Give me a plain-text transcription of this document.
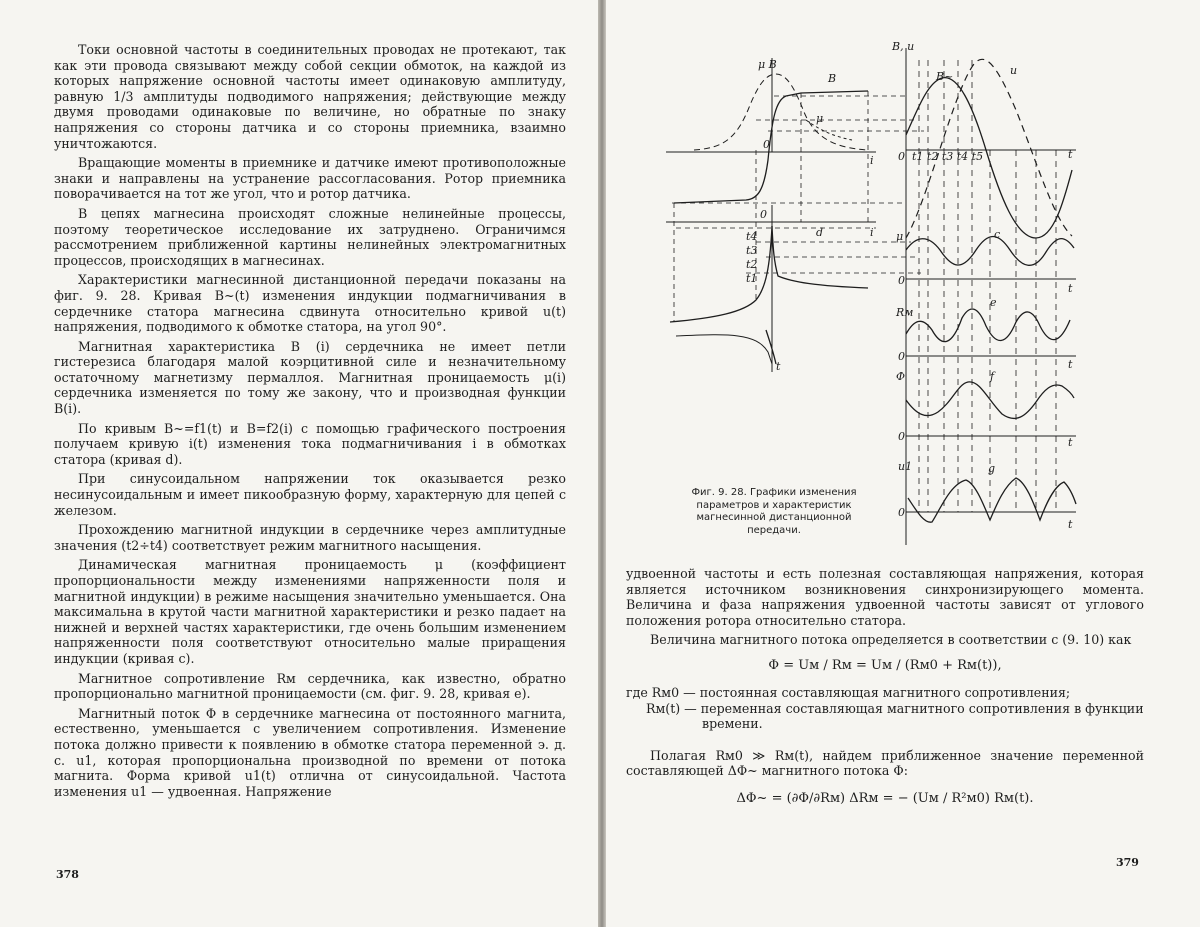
Токи основной частоты в соединительных проводах не протекают, так как эти провода связывают между собой секции обмоток, на каждой из которых напряжение основной частоты имеет одинаковую амплитуду, равную 1/3 амплитуды подводимого напряжения; действующие между двумя проводами одинаковые по величине, но обратные по знаку напряжения со стороны датчика и со стороны приемника, взаимно уничтожаются.

Вращающие моменты в приемнике и датчике имеют противоположные знаки и направлены на устранение рассогласования. Ротор приемника поворачивается на тот же угол, что и ротор датчика.

В цепях магнесина происходят сложные нелинейные процессы, поэтому теоретическое исследование их затруднено. Ограничимся рассмотрением приближенной картины нелинейных электромагнитных процессов, происходящих в магнесинах.

Характеристики магнесинной дистанционной передачи показаны на фиг. 9. 28. Кривая B~(t) изменения индукции подмагничивания в сердечнике статора магнесина сдвинута относительно кривой u(t) напряжения, подводимого к обмотке статора, на угол 90°.

Магнитная характеристика B (i) сердечника не имеет петли гистерезиса благодаря малой коэрцитивной силе и незначительному остаточному магнетизму пермаллоя. Магнитная проницаемость μ(i) сердечника изменяется по тому же закону, что и производная функции B(i).

По кривым B~=f1(t) и B=f2(i) с помощью графического построения получаем кривую i(t) изменения тока подмагничивания i в обмотках статора (кривая d).

При синусоидальном напряжении ток оказывается резко несинусоидальным и имеет пикообразную форму, характерную для цепей с железом.

Прохождению магнитной индукции в сердечнике через амплитудные значения (t2÷t4) соответствует режим магнитного насыщения.

Динамическая магнитная проницаемость μ (коэффициент пропорциональности между изменениями напряженности поля и магнитной индукции) в режиме насыщения значительно уменьшается. Она максимальна в крутой части магнитной характеристики и резко падает на нижней и верхней частях характеристики, где очень большим изменением напряженности поля соответствуют относительно малые приращения индукции (кривая c).

Магнитное сопротивление Rм сердечника, как известно, обратно пропорционально магнитной проницаемости (см. фиг. 9. 28, кривая e).

Магнитный поток Φ в сердечнике магнесина от постоянного магнита, естественно, уменьшается с увеличением сопротивления. Изменение потока должно привести к появлению в обмотке статора переменной э. д. с. u1, которая пропорциональна производной по времени от потока магнита. Форма кривой u1(t) отлична от синусоидальной. Частота изменения u1 — удвоенная. Напряжение

378
μ B
B
μ
i
0
i
d
0
t4
t3
t2
t1
t
B, u
B~	u
t1 t2 t3 t4 t5
0	t
μ	c
0
t
Rм
e
0
t
Φ	f
0	t
u1	g
0
t
Фиг. 9. 28. Графики изменения параметров и характеристик магнесинной дистанционной передачи.

удвоенной частоты и есть полезная составляющая напряжения, которая является источником возникновения синхронизирующего момента. Величина и фаза напряжения удвоенной частоты зависят от углового положения ротора относительно статора.

Величина магнитного потока определяется в соответствии с (9. 10) как

Φ = Uм / Rм = Uм / (Rм0 + Rм(t)),
где Rм0 — постоянная составляющая магнитного сопротивления;
Rм(t) — переменная составляющая магнитного сопротивления в функции времени.

Полагая Rм0 ≫ Rм(t), найдем приближенное значение переменной составляющей ΔΦ~ магнитного потока Φ:

ΔΦ~ = (∂Φ/∂Rм) ΔRм = − (Uм / R²м0) Rм(t).
379
